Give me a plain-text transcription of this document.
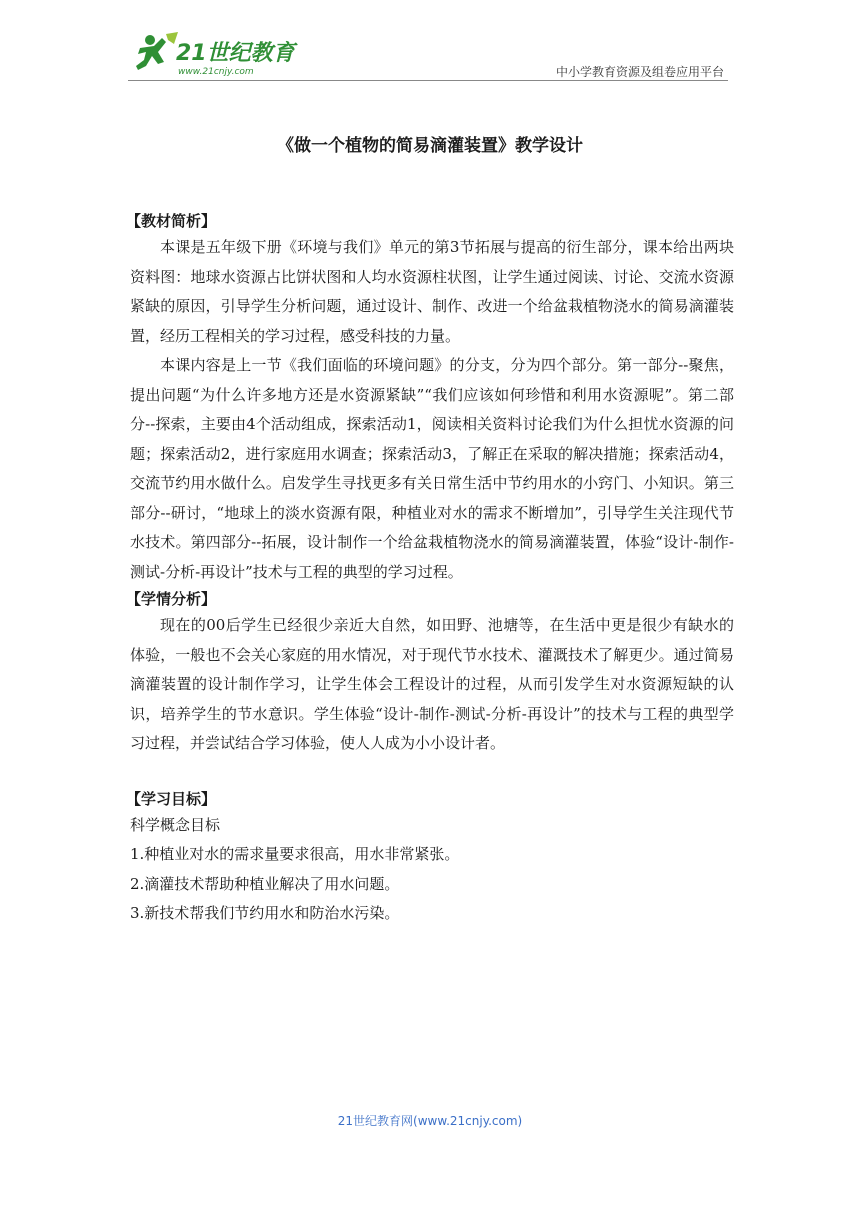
21世纪教育
www.21cnjy.com	中小学教育资源及组卷应用平台
《做一个植物的简易滴灌装置》教学设计
【教材简析】

本课是五年级下册《环境与我们》单元的第3节拓展与提高的衍生部分，课本给出两块资料图：地球水资源占比饼状图和人均水资源柱状图，让学生通过阅读、讨论、交流水资源紧缺的原因，引导学生分析问题，通过设计、制作、改进一个给盆栽植物浇水的简易滴灌装置，经历工程相关的学习过程，感受科技的力量。

本课内容是上一节《我们面临的环境问题》的分支，分为四个部分。第一部分--聚焦，提出问题“为什么许多地方还是水资源紧缺”“我们应该如何珍惜和利用水资源呢”。第二部分--探索，主要由4个活动组成，探索活动1，阅读相关资料讨论我们为什么担忧水资源的问题；探索活动2，进行家庭用水调查；探索活动3，了解正在采取的解决措施；探索活动4，交流节约用水做什么。启发学生寻找更多有关日常生活中节约用水的小窍门、小知识。第三部分--研讨，“地球上的淡水资源有限，种植业对水的需求不断增加”，引导学生关注现代节水技术。第四部分--拓展，设计制作一个给盆栽植物浇水的简易滴灌装置，体验“设计-制作-测试-分析-再设计”技术与工程的典型的学习过程。

【学情分析】

现在的00后学生已经很少亲近大自然，如田野、池塘等，在生活中更是很少有缺水的体验，一般也不会关心家庭的用水情况，对于现代节水技术、灌溉技术了解更少。通过简易滴灌装置的设计制作学习，让学生体会工程设计的过程，从而引发学生对水资源短缺的认识，培养学生的节水意识。学生体验“设计-制作-测试-分析-再设计”的技术与工程的典型学习过程，并尝试结合学习体验，使人人成为小小设计者。

【学习目标】

科学概念目标

1.种植业对水的需求量要求很高，用水非常紧张。

2.滴灌技术帮助种植业解决了用水问题。

3.新技术帮我们节约用水和防治水污染。

21世纪教育网(www.21cnjy.com)
